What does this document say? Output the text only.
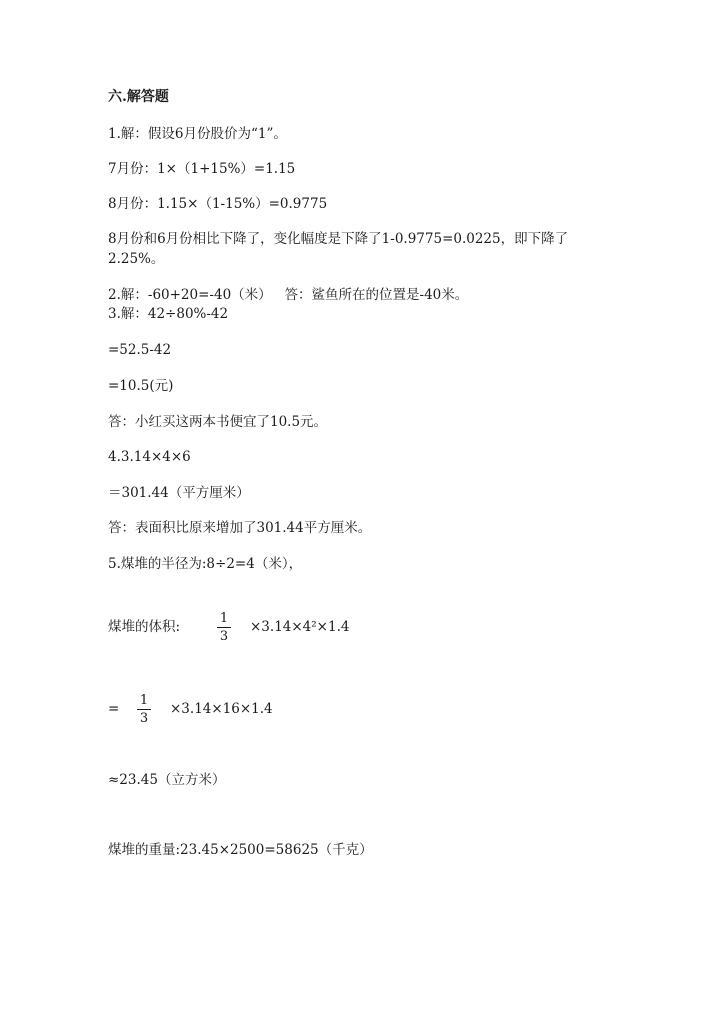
六.解答题
1.解：假设6月份股价为“1”。
7月份：1×（1+15%）=1.15
8月份：1.15×（1-15%）=0.9775
8月份和6月份相比下降了，变化幅度是下降了1-0.9775=0.0225，即下降了2.25%。
2.解：-60+20=-40（米）   答：鲨鱼所在的位置是-40米。
3.解：42÷80%-42
=52.5-42
=10.5(元)
答：小红买这两本书便宜了10.5元。
4.3.14×4×6
＝301.44（平方厘米）
答：表面积比原来增加了301.44平方厘米。
5.煤堆的半径为:8÷2=4（米），
煤堆的体积:
1
3
×3.14×4²×1.4
=
1
3
×3.14×16×1.4
≈23.45（立方米）
煤堆的重量:23.45×2500=58625（千克）
